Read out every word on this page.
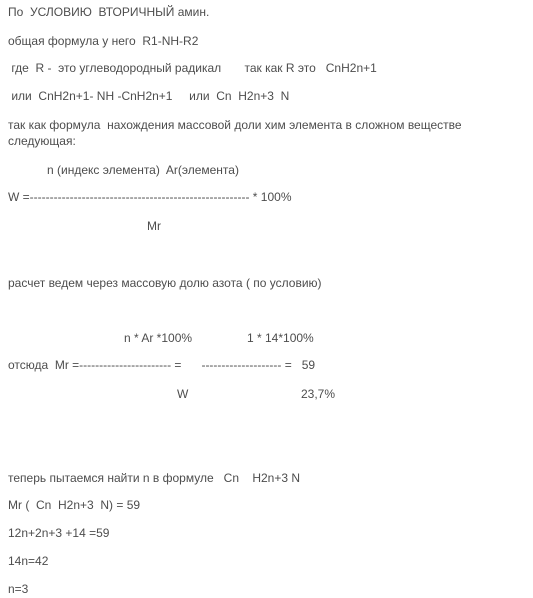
По  УСЛОВИЮ  ВТОРИЧНЫЙ амин.
общая формула у него  R1-NH-R2
где  R -  это углеводородный радикал       так как R это   CnH2n+1
или  CnH2n+1- NH -CnH2n+1     или  Cn  H2n+3  N
так как формула  нахождения массовой доли хим элемента в сложном веществе
следующая:
n (индекс элемента)  Ar(элемента)
W =------------------------------------------------------- * 100%
Mr
расчет ведем через массовую долю азота ( по условию)
n * Ar *100%	1 * 14*100%
отсюда  Mr =----------------------- =      -------------------- =   59
W	23,7%
теперь пытаемся найти n в формуле   Cn    H2n+3 N
Mr (  Cn  H2n+3  N) = 59
12n+2n+3 +14 =59
14n=42
n=3
